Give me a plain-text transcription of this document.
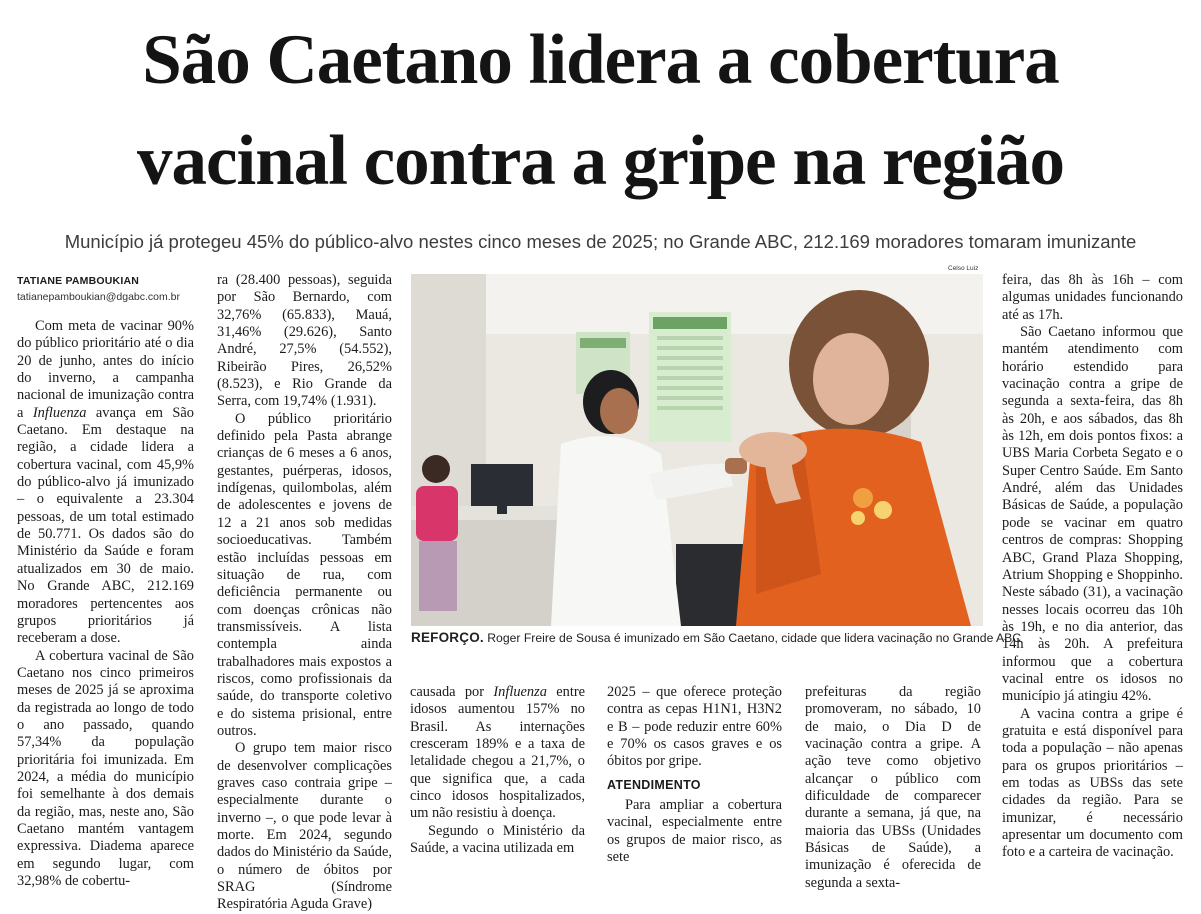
São Caetano lidera a cobertura
vacinal contra a gripe na região

Município já protegeu 45% do público-alvo nestes cinco meses de 2025; no Grande ABC, 212.169 moradores tomaram imunizante

TATIANE PAMBOUKIAN
tatianepamboukian@dgabc.com.br

Com meta de vacinar 90% do público prioritário até o dia 20 de junho, antes do início do inverno, a campanha nacional de imunização contra a Influenza avança em São Caetano. Em destaque na região, a cidade lidera a cobertura vacinal, com 45,9% do público-alvo já imunizado – o equivalente a 23.304 pessoas, de um total estimado de 50.771. Os dados são do Ministério da Saúde e foram atualizados em 30 de maio. No Grande ABC, 212.169 moradores pertencentes aos grupos prioritários já receberam a dose.

A cobertura vacinal de São Caetano nos cinco primeiros meses de 2025 já se aproxima da registrada ao longo de todo o ano passado, quando 57,34% da população prioritária foi imunizada. Em 2024, a média do município foi semelhante à dos demais da região, mas, neste ano, São Caetano mantém vantagem expressiva. Diadema aparece em segundo lugar, com 32,98% de cobertu-

ra (28.400 pessoas), seguida por São Bernardo, com 32,76% (65.833), Mauá, 31,46% (29.626), Santo André, 27,5% (54.552), Ribeirão Pires, 26,52% (8.523), e Rio Grande da Serra, com 19,74% (1.931).

O público prioritário definido pela Pasta abrange crianças de 6 meses a 6 anos, gestantes, puérperas, idosos, indígenas, quilombolas, além de adolescentes e jovens de 12 a 21 anos sob medidas socioeducativas. Também estão incluídas pessoas em situação de rua, com deficiência permanente ou com doenças crônicas não transmissíveis. A lista contempla ainda trabalhadores mais expostos a riscos, como profissionais da saúde, do transporte coletivo e do sistema prisional, entre outros.

O grupo tem maior risco de desenvolver complicações graves caso contraia gripe – especialmente durante o inverno –, o que pode levar à morte. Em 2024, segundo dados do Ministério da Saúde, o número de óbitos por SRAG (Síndrome Respiratória Aguda Grave)

Celso Luiz
REFORÇO. Roger Freire de Sousa é imunizado em São Caetano, cidade que lidera vacinação no Grande ABC

causada por Influenza entre idosos aumentou 157% no Brasil. As internações cresceram 189% e a taxa de letalidade chegou a 21,7%, o que significa que, a cada cinco idosos hospitalizados, um não resistiu à doença.

Segundo o Ministério da Saúde, a vacina utilizada em

2025 – que oferece proteção contra as cepas H1N1, H3N2 e B – pode reduzir entre 60% e 70% os casos graves e os óbitos por gripe.

ATENDIMENTO

Para ampliar a cobertura vacinal, especialmente entre os grupos de maior risco, as sete

prefeituras da região promoveram, no sábado, 10 de maio, o Dia D de vacinação contra a gripe. A ação teve como objetivo alcançar o público com dificuldade de comparecer durante a semana, já que, na maioria das UBSs (Unidades Básicas de Saúde), a imunização é oferecida de segunda a sexta-

feira, das 8h às 16h – com algumas unidades funcionando até as 17h.

São Caetano informou que mantém atendimento com horário estendido para vacinação contra a gripe de segunda a sexta-feira, das 8h às 20h, e aos sábados, das 8h às 12h, em dois pontos fixos: a UBS Maria Corbeta Segato e o Super Centro Saúde. Em Santo André, além das Unidades Básicas de Saúde, a população pode se vacinar em quatro centros de compras: Shopping ABC, Grand Plaza Shopping, Atrium Shopping e Shoppinho. Neste sábado (31), a vacinação nesses locais ocorreu das 10h às 19h, e no dia anterior, das 14h às 20h. A prefeitura informou que a cobertura vacinal entre os idosos no município já atingiu 42%.

A vacina contra a gripe é gratuita e está disponível para toda a população – não apenas para os grupos prioritários – em todas as UBSs das sete cidades da região. Para se imunizar, é necessário apresentar um documento com foto e a carteira de vacinação.
